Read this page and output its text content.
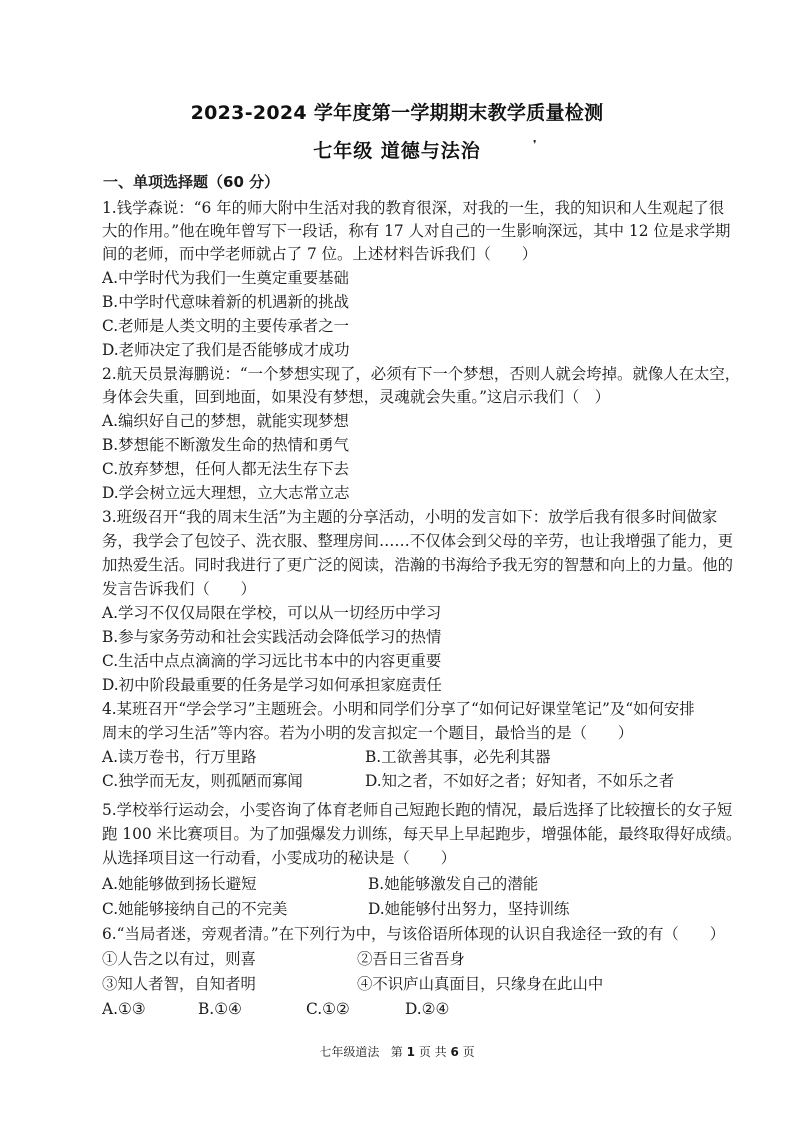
2023-2024 学年度第一学期期末教学质量检测
七年级 道德与法治	❜
一、单项选择题（60 分）
1.钱学森说：“6 年的师大附中生活对我的教育很深，对我的一生，我的知识和人生观起了很
大的作用。”他在晚年曾写下一段话，称有 17 人对自己的一生影响深远，其中 12 位是求学期
间的老师，而中学老师就占了 7 位。上述材料告诉我们（　　）
A.中学时代为我们一生奠定重要基础
B.中学时代意味着新的机遇新的挑战
C.老师是人类文明的主要传承者之一
D.老师决定了我们是否能够成才成功
2.航天员景海鹏说：“一个梦想实现了，必须有下一个梦想，否则人就会垮掉。就像人在太空，
身体会失重，回到地面，如果没有梦想，灵魂就会失重。”这启示我们（　）
A.编织好自己的梦想，就能实现梦想
B.梦想能不断激发生命的热情和勇气
C.放弃梦想，任何人都无法生存下去
D.学会树立远大理想，立大志常立志
3.班级召开“我的周末生活”为主题的分享活动，小明的发言如下：放学后我有很多时间做家
务，我学会了包饺子、洗衣服、整理房间……不仅体会到父母的辛劳，也让我增强了能力，更
加热爱生活。同时我进行了更广泛的阅读，浩瀚的书海给予我无穷的智慧和向上的力量。他的
发言告诉我们（　　）
A.学习不仅仅局限在学校，可以从一切经历中学习
B.参与家务劳动和社会实践活动会降低学习的热情
C.生活中点点滴滴的学习远比书本中的内容更重要
D.初中阶段最重要的任务是学习如何承担家庭责任
4.某班召开“学会学习”主题班会。小明和同学们分享了“如何记好课堂笔记”及“如何安排
周末的学习生活”等内容。若为小明的发言拟定一个题目，最恰当的是（　　）
A.读万卷书，行万里路	B.工欲善其事，必先利其器
C.独学而无友，则孤陋而寡闻	D.知之者，不如好之者；好知者，不如乐之者
5.学校举行运动会，小雯咨询了体育老师自己短跑长跑的情况，最后选择了比较擅长的女子短
跑 100 米比赛项目。为了加强爆发力训练，每天早上早起跑步，增强体能，最终取得好成绩。
从选择项目这一行动看，小雯成功的秘诀是（　　）
A.她能够做到扬长避短	B.她能够激发自己的潜能
C.她能够接纳自己的不完美	D.她能够付出努力，坚持训练
6.“当局者迷，旁观者清。”在下列行为中，与该俗语所体现的认识自我途径一致的有（　　）
①人告之以有过，则喜	②吾日三省吾身
③知人者智，自知者明	④不识庐山真面目，只缘身在此山中
A.①③	B.①④	C.①②	D.②④
七年级道法 第 1 页 共 6 页
